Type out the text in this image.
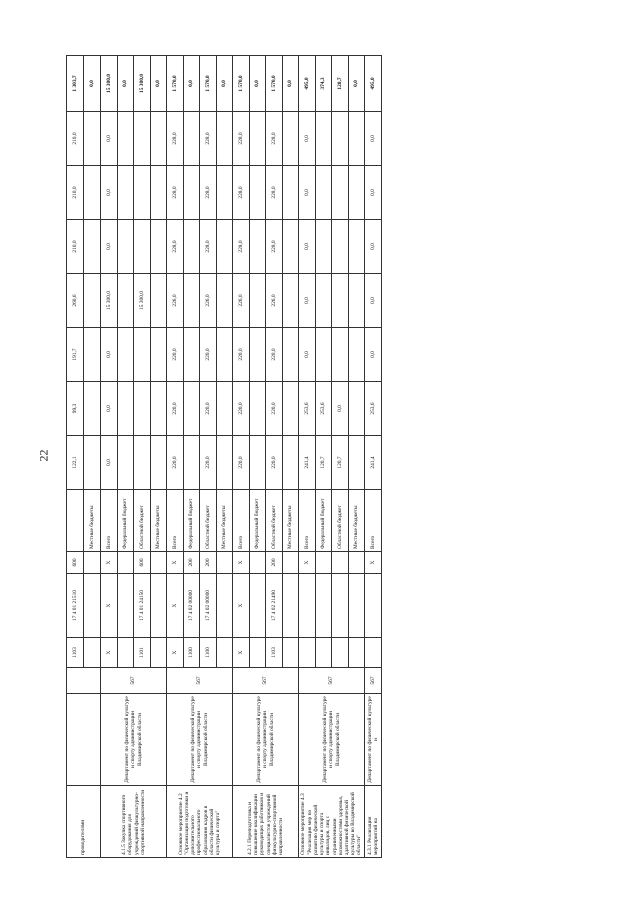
22
проводителями			1103	17 4 01 21510	600		122,1	99,3	191,7	260,6	210,0	210,0	210,0	1 303,7
						Местные бюджеты								0,0
4.1.5 Закупка спортивного оборудования для учреждений физкультурно-спортивной направленности	Департамент по физической культуре и спорту администрации Владимирской области	567	X	X	X	Всего	0,0	0,0	0,0	15 300,0	0,0	0,0	0,0	15 300,0
						Федеральный бюджет								0,0
			1101	17 4 01 24150	600	Областной бюджет				15 300,0				15 300,0
						Местные бюджеты								0,0
Основное мероприятие 4.2 "Организация подготовки и дополнительного профессионального образования кадров в области физической культуры и спорта"	Департамент по физической культуре и спорту администрации Владимирской области	567	X	X	X	Всего	220,0	220,0	220,0	226,0	228,0	228,0	228,0	1 570,0
			1100	17 4 02 00000	200	Федеральный бюджет								0,0
			1100	17 4 02 00000	200	Областной бюджет	220,0	220,0	220,0	226,0	228,0	228,0	228,0	1 570,0
						Местные бюджеты								0,0
4.2.1 Переподготовка и повышение квалификации руководящих работников и специалистов учреждений физкультурно-спортивной направленности	Департамент по физической культуре и спорту администрации Владимирской области	567	X	X	X	Всего	220,0	220,0	220,0	226,0	228,0	228,0	228,0	1 570,0
						Федеральный бюджет								0,0
			1103	17 4 02 21490	200	Областной бюджет	220,0	220,0	220,0	226,0	228,0	228,0	228,0	1 570,0
						Местные бюджеты								0,0
Основное мероприятие 4.3 "Реализация мер по развитию физической культуры и спорта инвалидов, лиц с ограниченными возможностями здоровья, адаптивной физической культуры во Владимирской области"	Департамент по физической культуре и спорту администрации Владимирской области	567			X	Всего	241,4	253,6	0,0	0,0	0,0	0,0	0,0	495,0
						Федеральный бюджет	120,7	253,6						374,3
						Областной бюджет	120,7	0,0						120,7
						Местные бюджеты								0,0
4.3.1 Реализация мероприятий на	Департамент по физической культуре и	567			X	Всего	241,4	253,6	0,0	0,0	0,0	0,0	0,0	495,0
